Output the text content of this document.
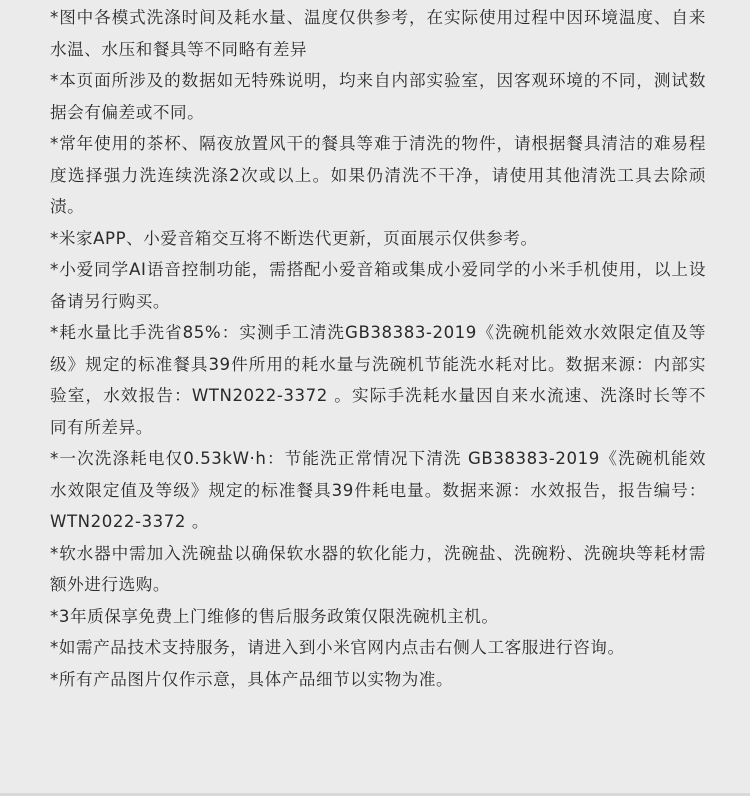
*图中各模式洗涤时间及耗水量、温度仅供参考，在实际使用过程中因环境温度、自来水温、水压和餐具等不同略有差异

*本页面所涉及的数据如无特殊说明，均来自内部实验室，因客观环境的不同，测试数据会有偏差或不同。

*常年使用的茶杯、隔夜放置风干的餐具等难于清洗的物件，请根据餐具清洁的难易程度选择强力洗连续洗涤2次或以上。如果仍清洗不干净，请使用其他清洗工具去除顽渍。

*米家APP、小爱音箱交互将不断迭代更新，页面展示仅供参考。

*小爱同学AI语音控制功能，需搭配小爱音箱或集成小爱同学的小米手机使用，以上设备请另行购买。

*耗水量比手洗省85%：实测手工清洗GB38383-2019《洗碗机能效水效限定值及等级》规定的标准餐具39件所用的耗水量与洗碗机节能洗水耗对比。数据来源：内部实验室，水效报告：WTN2022-3372 。实际手洗耗水量因自来水流速、洗涤时长等不同有所差异。

*一次洗涤耗电仅0.53kW·h：节能洗正常情况下清洗 GB38383-2019《洗碗机能效水效限定值及等级》规定的标准餐具39件耗电量。数据来源：水效报告，报告编号：WTN2022-3372 。

*软水器中需加入洗碗盐以确保软水器的软化能力，洗碗盐、洗碗粉、洗碗块等耗材需额外进行选购。

*3年质保享免费上门维修的售后服务政策仅限洗碗机主机。

*如需产品技术支持服务，请进入到小米官网内点击右侧人工客服进行咨询。

*所有产品图片仅作示意，具体产品细节以实物为准。
